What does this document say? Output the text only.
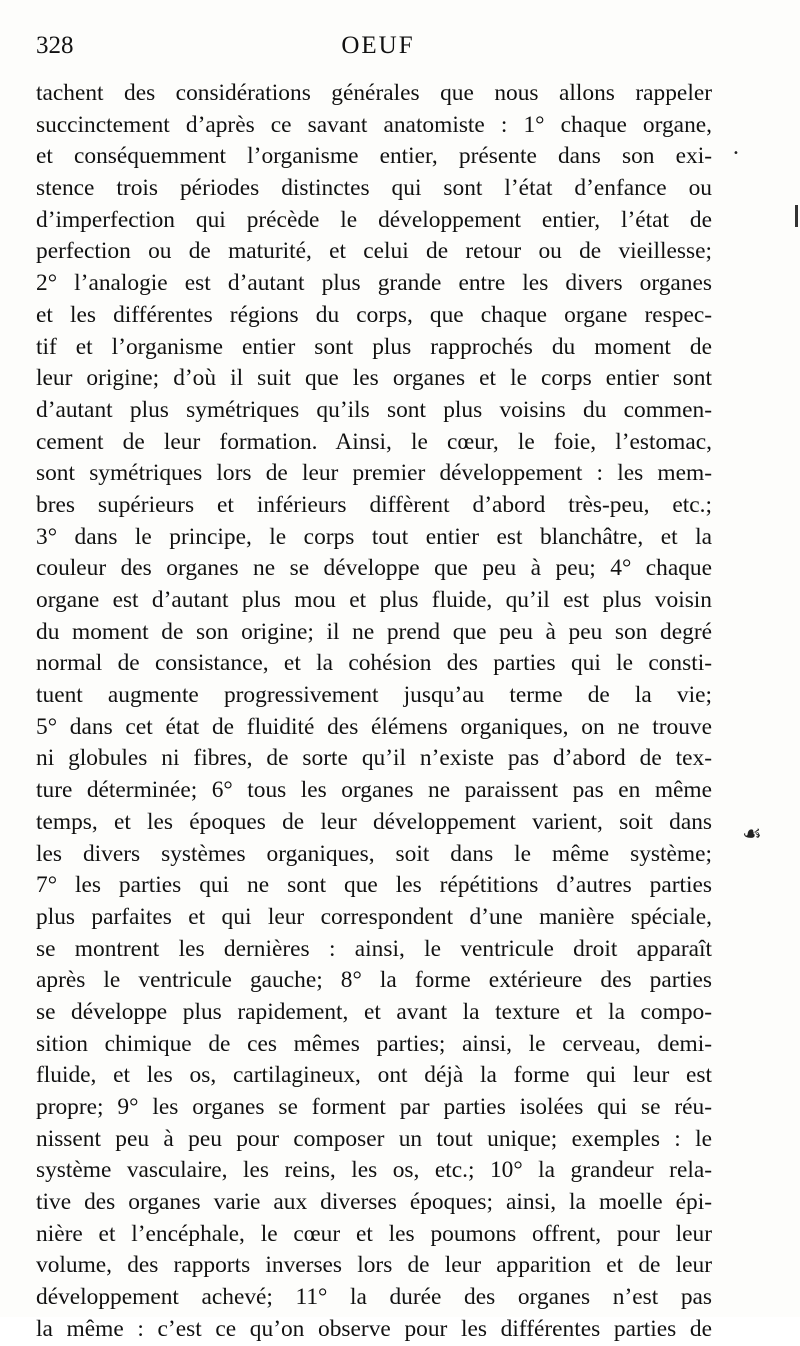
328	OEUF
tachent des considérations générales que nous allons rappeler
succinctement d’après ce savant anatomiste : 1° chaque organe,
et conséquemment l’organisme entier, présente dans son exi-
stence trois périodes distinctes qui sont l’état d’enfance ou
d’imperfection qui précède le développement entier, l’état de
perfection ou de maturité, et celui de retour ou de vieillesse;
2° l’analogie est d’autant plus grande entre les divers organes
et les différentes régions du corps, que chaque organe respec-
tif et l’organisme entier sont plus rapprochés du moment de
leur origine; d’où il suit que les organes et le corps entier sont
d’autant plus symétriques qu’ils sont plus voisins du commen-
cement de leur formation. Ainsi, le cœur, le foie, l’estomac,
sont symétriques lors de leur premier développement : les mem-
bres supérieurs et inférieurs diffèrent d’abord très-peu, etc.;
3° dans le principe, le corps tout entier est blanchâtre, et la
couleur des organes ne se développe que peu à peu; 4° chaque
organe est d’autant plus mou et plus fluide, qu’il est plus voisin
du moment de son origine; il ne prend que peu à peu son degré
normal de consistance, et la cohésion des parties qui le consti-
tuent augmente progressivement jusqu’au terme de la vie;
5° dans cet état de fluidité des élémens organiques, on ne trouve
ni globules ni fibres, de sorte qu’il n’existe pas d’abord de tex-
ture déterminée; 6° tous les organes ne paraissent pas en même
temps, et les époques de leur développement varient, soit dans
les divers systèmes organiques, soit dans le même système;
7° les parties qui ne sont que les répétitions d’autres parties
plus parfaites et qui leur correspondent d’une manière spéciale,
se montrent les dernières : ainsi, le ventricule droit apparaît
après le ventricule gauche; 8° la forme extérieure des parties
se développe plus rapidement, et avant la texture et la compo-
sition chimique de ces mêmes parties; ainsi, le cerveau, demi-
fluide, et les os, cartilagineux, ont déjà la forme qui leur est
propre; 9° les organes se forment par parties isolées qui se réu-
nissent peu à peu pour composer un tout unique; exemples : le
système vasculaire, les reins, les os, etc.; 10° la grandeur rela-
tive des organes varie aux diverses époques; ainsi, la moelle épi-
nière et l’encéphale, le cœur et les poumons offrent, pour leur
volume, des rapports inverses lors de leur apparition et de leur
développement achevé; 11° la durée des organes n’est pas
la même : c’est ce qu’on observe pour les différentes parties de
•
☙
